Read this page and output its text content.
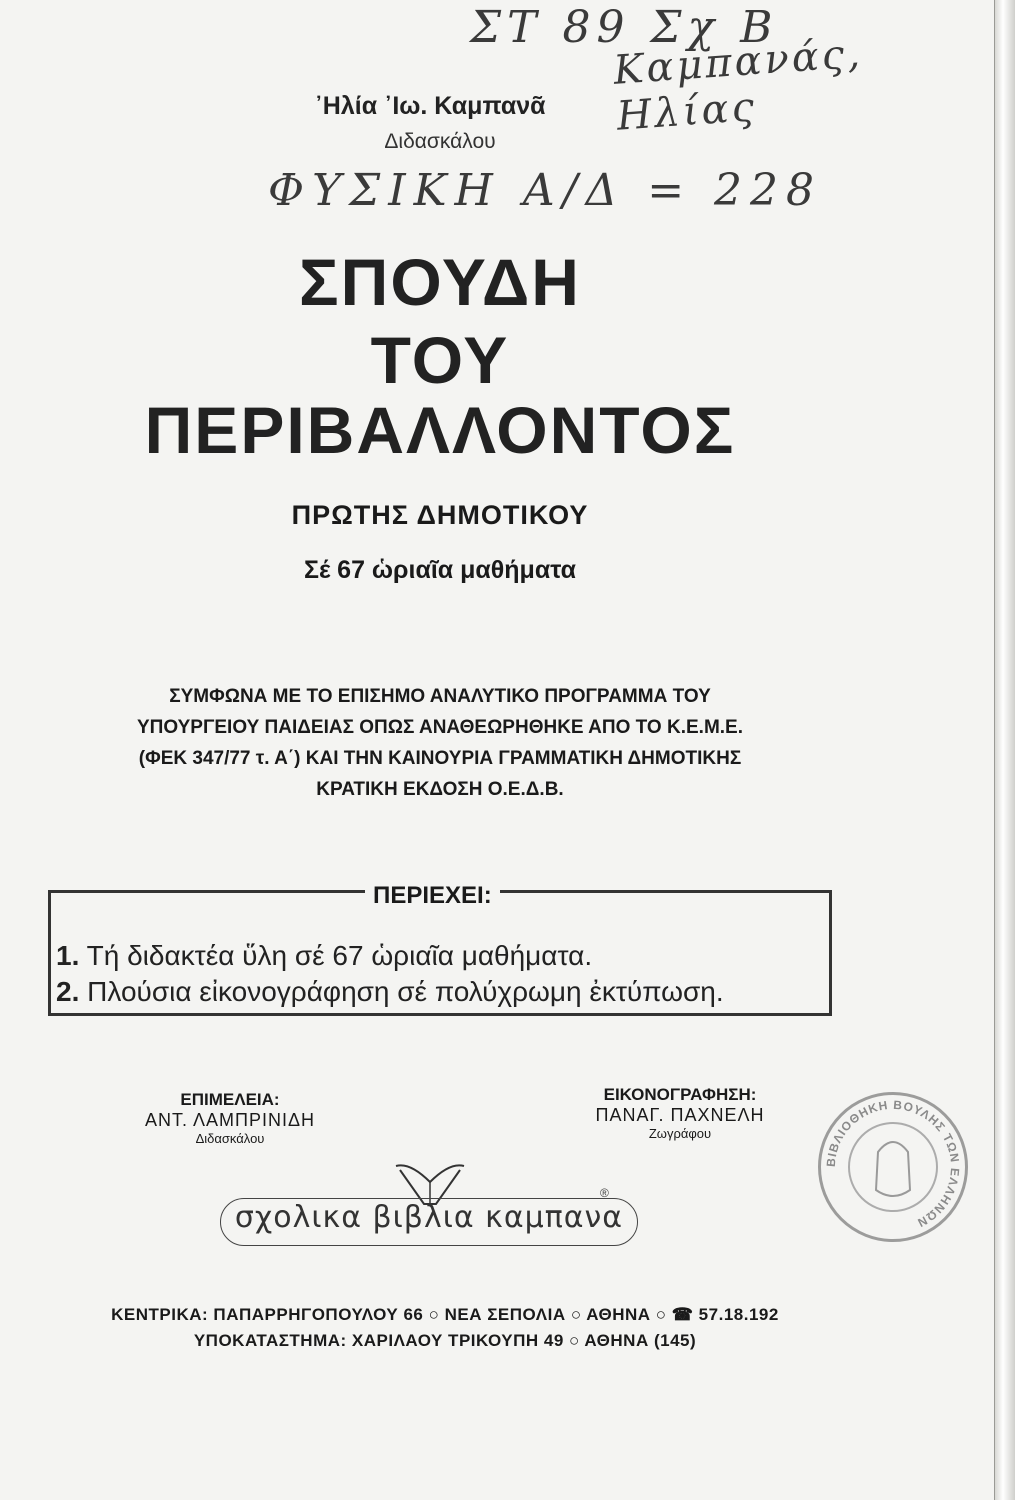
ΣΤ 89 Σχ Β
Καμπανάς, Ηλίας
ΦΥΣΙΚΗ Α/Δ = 228
᾿Ηλία ᾿Ιω. Καμπανᾶ
Διδασκάλου
ΣΠΟΥΔΗ
ΤΟΥ
ΠΕΡΙΒΑΛΛΟΝΤΟΣ
ΠΡΩΤΗΣ ΔΗΜΟΤΙΚΟΥ
Σέ 67 ὡριαῖα μαθήματα
ΣΥΜΦΩΝΑ ΜΕ ΤΟ ΕΠΙΣΗΜΟ ΑΝΑΛΥΤΙΚΟ ΠΡΟΓΡΑΜΜΑ ΤΟΥ
ΥΠΟΥΡΓΕΙΟΥ ΠΑΙΔΕΙΑΣ ΟΠΩΣ ΑΝΑΘΕΩΡΗΘΗΚΕ ΑΠΟ ΤΟ Κ.Ε.Μ.Ε.
(ΦΕΚ 347/77 τ. Α΄) ΚΑΙ ΤΗΝ ΚΑΙΝΟΥΡΙΑ ΓΡΑΜΜΑΤΙΚΗ ΔΗΜΟΤΙΚΗΣ
ΚΡΑΤΙΚΗ ΕΚΔΟΣΗ Ο.Ε.Δ.Β.
ΠΕΡΙΕΧΕΙ:
1. Τή διδακτέα ὕλη σέ 67 ὡριαῖα μαθήματα.
2. Πλούσια εἰκονογράφηση σέ πολύχρωμη ἐκτύπωση.
ΕΠΙΜΕΛΕΙΑ:
ΑΝΤ. ΛΑΜΠΡΙΝΙΔΗ
Διδασκάλου
ΕΙΚΟΝΟΓΡΑΦΗΣΗ:
ΠΑΝΑΓ. ΠΑΧΝΕΛΗ
Ζωγράφου
σχολικα βιβλια καμπανα
®
ΚΕΝΤΡΙΚΑ: ΠΑΠΑΡΡΗΓΟΠΟΥΛΟΥ 66 ○ ΝΕΑ ΣΕΠΟΛΙΑ ○ ΑΘΗΝΑ ○ ☎ 57.18.192
ΥΠΟΚΑΤΑΣΤΗΜΑ: ΧΑΡΙΛΑΟΥ ΤΡΙΚΟΥΠΗ 49 ○ ΑΘΗΝΑ (145)
ΒΙΒΛΙΟΘΗΚΗ ΒΟΥΛΗΣ ΤΩΝ ΕΛΛΗΝΩΝ
